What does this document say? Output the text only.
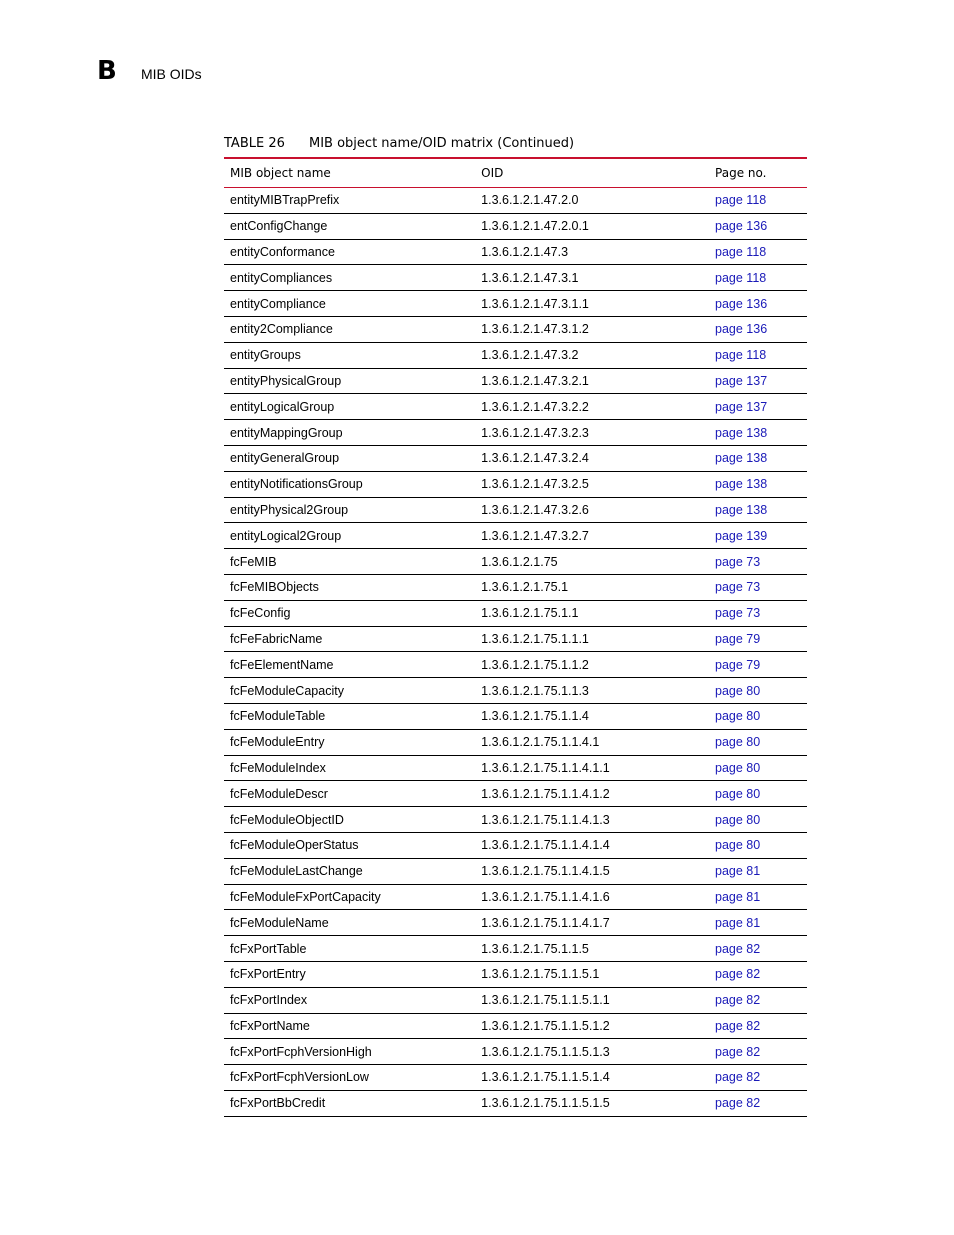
B MIB OIDs
TABLE 26 MIB object name/OID matrix (Continued)
MIB object name	OID	Page no.
entityMIBTrapPrefix	1.3.6.1.2.1.47.2.0	page 118
entConfigChange	1.3.6.1.2.1.47.2.0.1	page 136
entityConformance	1.3.6.1.2.1.47.3	page 118
entityCompliances	1.3.6.1.2.1.47.3.1	page 118
entityCompliance	1.3.6.1.2.1.47.3.1.1	page 136
entity2Compliance	1.3.6.1.2.1.47.3.1.2	page 136
entityGroups	1.3.6.1.2.1.47.3.2	page 118
entityPhysicalGroup	1.3.6.1.2.1.47.3.2.1	page 137
entityLogicalGroup	1.3.6.1.2.1.47.3.2.2	page 137
entityMappingGroup	1.3.6.1.2.1.47.3.2.3	page 138
entityGeneralGroup	1.3.6.1.2.1.47.3.2.4	page 138
entityNotificationsGroup	1.3.6.1.2.1.47.3.2.5	page 138
entityPhysical2Group	1.3.6.1.2.1.47.3.2.6	page 138
entityLogical2Group	1.3.6.1.2.1.47.3.2.7	page 139
fcFeMIB	1.3.6.1.2.1.75	page 73
fcFeMIBObjects	1.3.6.1.2.1.75.1	page 73
fcFeConfig	1.3.6.1.2.1.75.1.1	page 73
fcFeFabricName	1.3.6.1.2.1.75.1.1.1	page 79
fcFeElementName	1.3.6.1.2.1.75.1.1.2	page 79
fcFeModuleCapacity	1.3.6.1.2.1.75.1.1.3	page 80
fcFeModuleTable	1.3.6.1.2.1.75.1.1.4	page 80
fcFeModuleEntry	1.3.6.1.2.1.75.1.1.4.1	page 80
fcFeModuleIndex	1.3.6.1.2.1.75.1.1.4.1.1	page 80
fcFeModuleDescr	1.3.6.1.2.1.75.1.1.4.1.2	page 80
fcFeModuleObjectID	1.3.6.1.2.1.75.1.1.4.1.3	page 80
fcFeModuleOperStatus	1.3.6.1.2.1.75.1.1.4.1.4	page 80
fcFeModuleLastChange	1.3.6.1.2.1.75.1.1.4.1.5	page 81
fcFeModuleFxPortCapacity	1.3.6.1.2.1.75.1.1.4.1.6	page 81
fcFeModuleName	1.3.6.1.2.1.75.1.1.4.1.7	page 81
fcFxPortTable	1.3.6.1.2.1.75.1.1.5	page 82
fcFxPortEntry	1.3.6.1.2.1.75.1.1.5.1	page 82
fcFxPortIndex	1.3.6.1.2.1.75.1.1.5.1.1	page 82
fcFxPortName	1.3.6.1.2.1.75.1.1.5.1.2	page 82
fcFxPortFcphVersionHigh	1.3.6.1.2.1.75.1.1.5.1.3	page 82
fcFxPortFcphVersionLow	1.3.6.1.2.1.75.1.1.5.1.4	page 82
fcFxPortBbCredit	1.3.6.1.2.1.75.1.1.5.1.5	page 82
